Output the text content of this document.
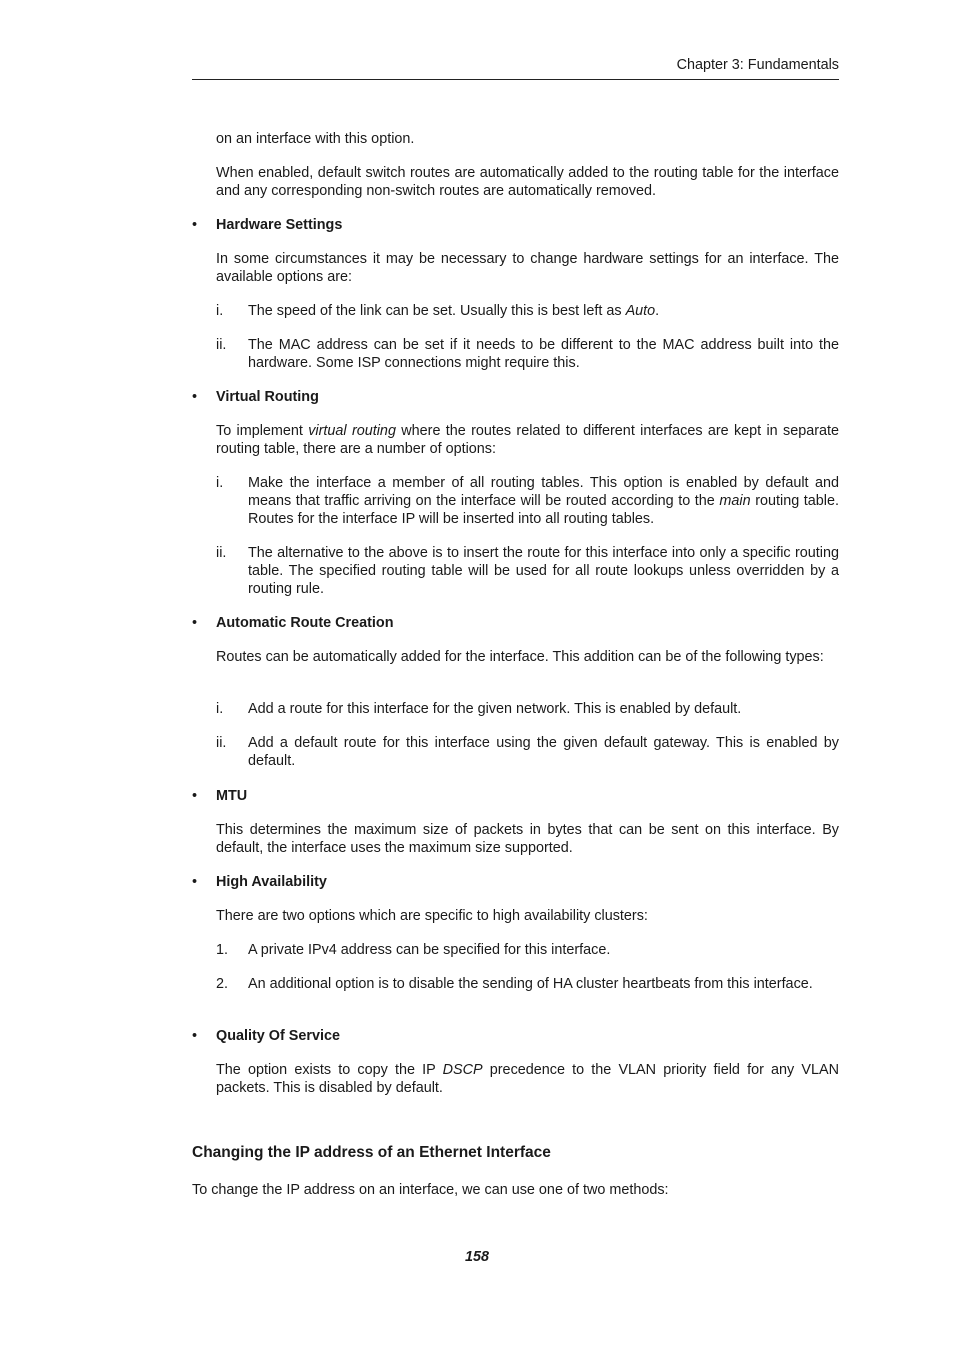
Chapter 3: Fundamentals
on an interface with this option.
When enabled, default switch routes are automatically added to the routing table for the interface and any corresponding non-switch routes are automatically removed.
•	Hardware Settings
In some circumstances it may be necessary to change hardware settings for an interface. The available options are:
i. The speed of the link can be set. Usually this is best left as Auto.
ii. The MAC address can be set if it needs to be different to the MAC address built into the hardware. Some ISP connections might require this.
•	Virtual Routing
To implement virtual routing where the routes related to different interfaces are kept in separate routing table, there are a number of options:
i. Make the interface a member of all routing tables. This option is enabled by default and means that traffic arriving on the interface will be routed according to the main routing table. Routes for the interface IP will be inserted into all routing tables.
ii. The alternative to the above is to insert the route for this interface into only a specific routing table. The specified routing table will be used for all route lookups unless overridden by a routing rule.
•	Automatic Route Creation
Routes can be automatically added for the interface. This addition can be of the following types:
i. Add a route for this interface for the given network. This is enabled by default.
ii. Add a default route for this interface using the given default gateway. This is enabled by default.
•	MTU
This determines the maximum size of packets in bytes that can be sent on this interface. By default, the interface uses the maximum size supported.
•	High Availability
There are two options which are specific to high availability clusters:
1. A private IPv4 address can be specified for this interface.
2. An additional option is to disable the sending of HA cluster heartbeats from this interface.
•	Quality Of Service
The option exists to copy the IP DSCP precedence to the VLAN priority field for any VLAN packets. This is disabled by default.
Changing the IP address of an Ethernet Interface
To change the IP address on an interface, we can use one of two methods:
158
